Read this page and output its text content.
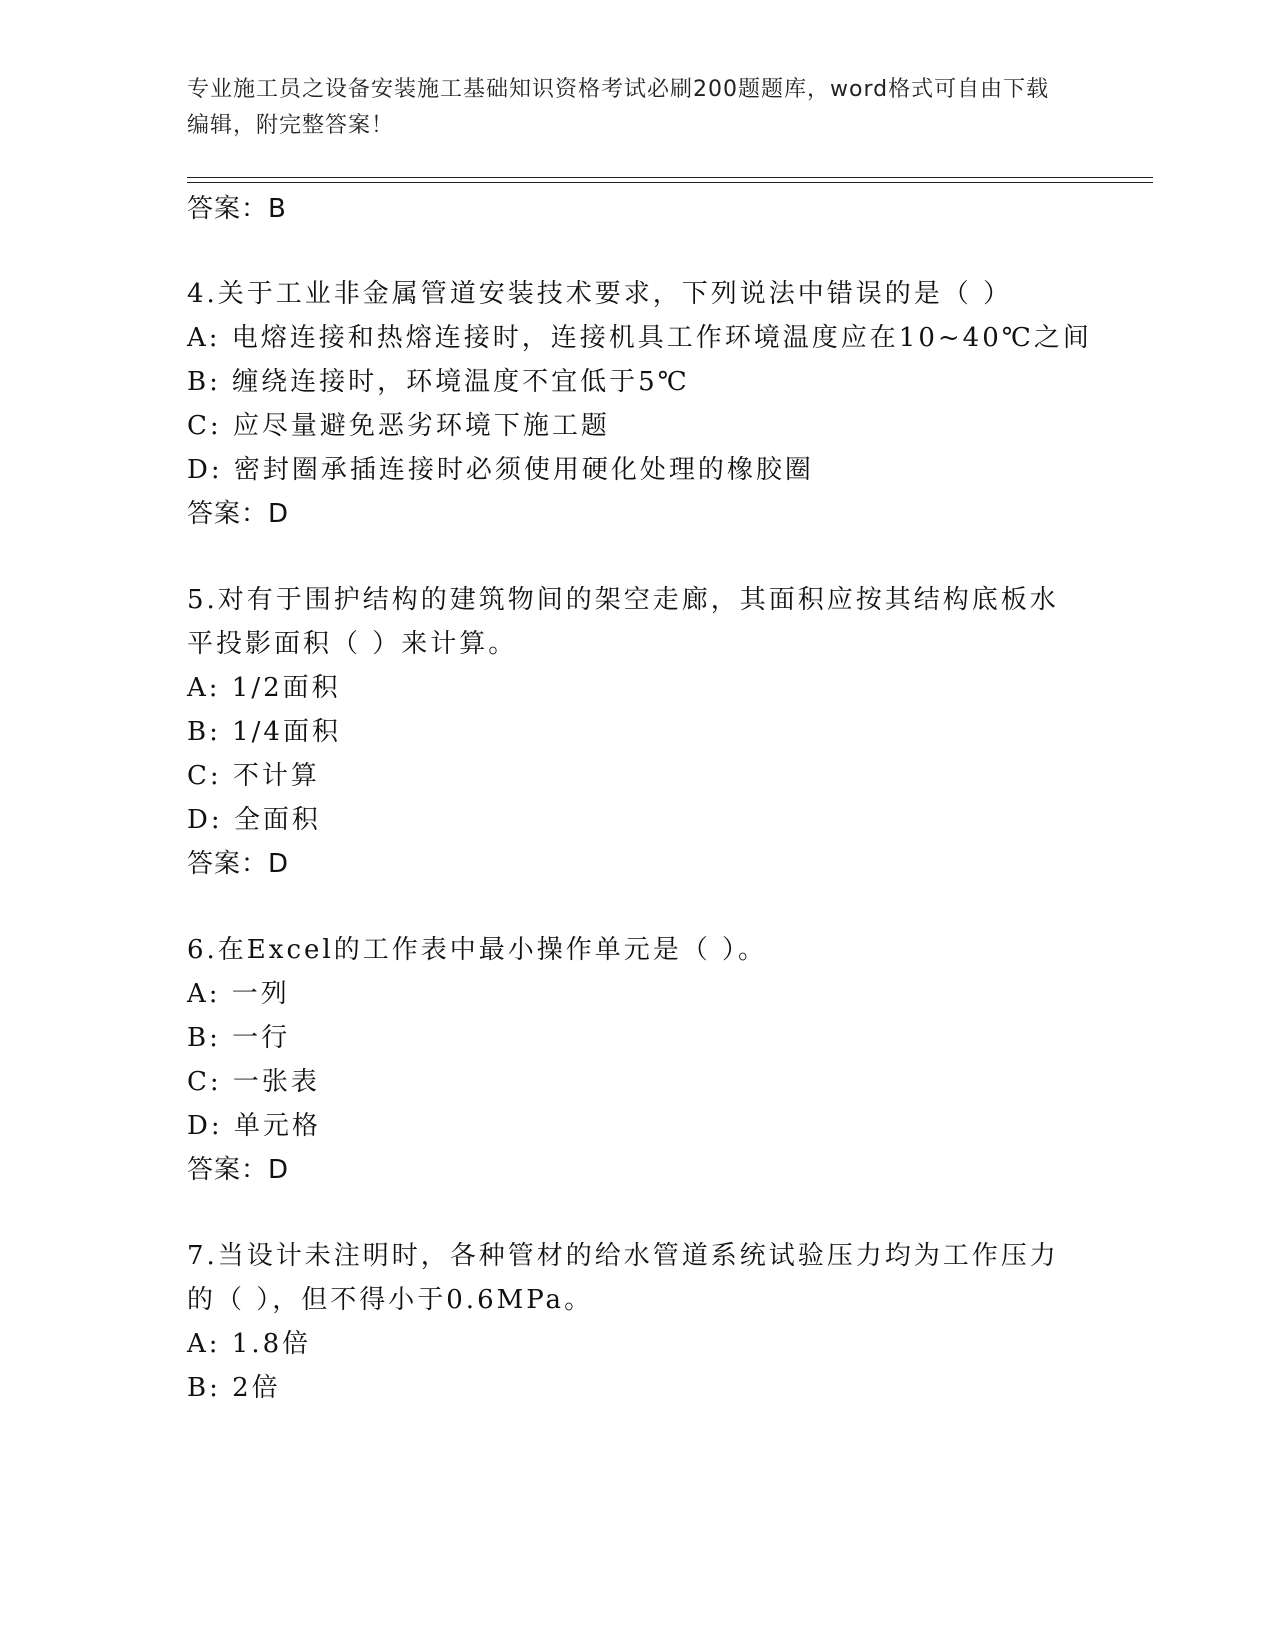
专业施工员之设备安装施工基础知识资格考试必刷200题题库，word格式可自由下载编辑，附完整答案！
答案：B
4.关于工业非金属管道安装技术要求，下列说法中错误的是（ ）
A: 电熔连接和热熔连接时，连接机具工作环境温度应在10~40℃之间
B: 缠绕连接时，环境温度不宜低于5℃
C: 应尽量避免恶劣环境下施工题
D: 密封圈承插连接时必须使用硬化处理的橡胶圈
答案：D
5.对有于围护结构的建筑物间的架空走廊，其面积应按其结构底板水
平投影面积（ ）来计算。
A: 1/2面积
B: 1/4面积
C: 不计算
D: 全面积
答案：D
6.在Excel的工作表中最小操作单元是（ ）。
A: 一列
B: 一行
C: 一张表
D: 单元格
答案：D
7.当设计未注明时，各种管材的给水管道系统试验压力均为工作压力
的（ ），但不得小于0.6MPa。
A: 1.8倍
B: 2倍
